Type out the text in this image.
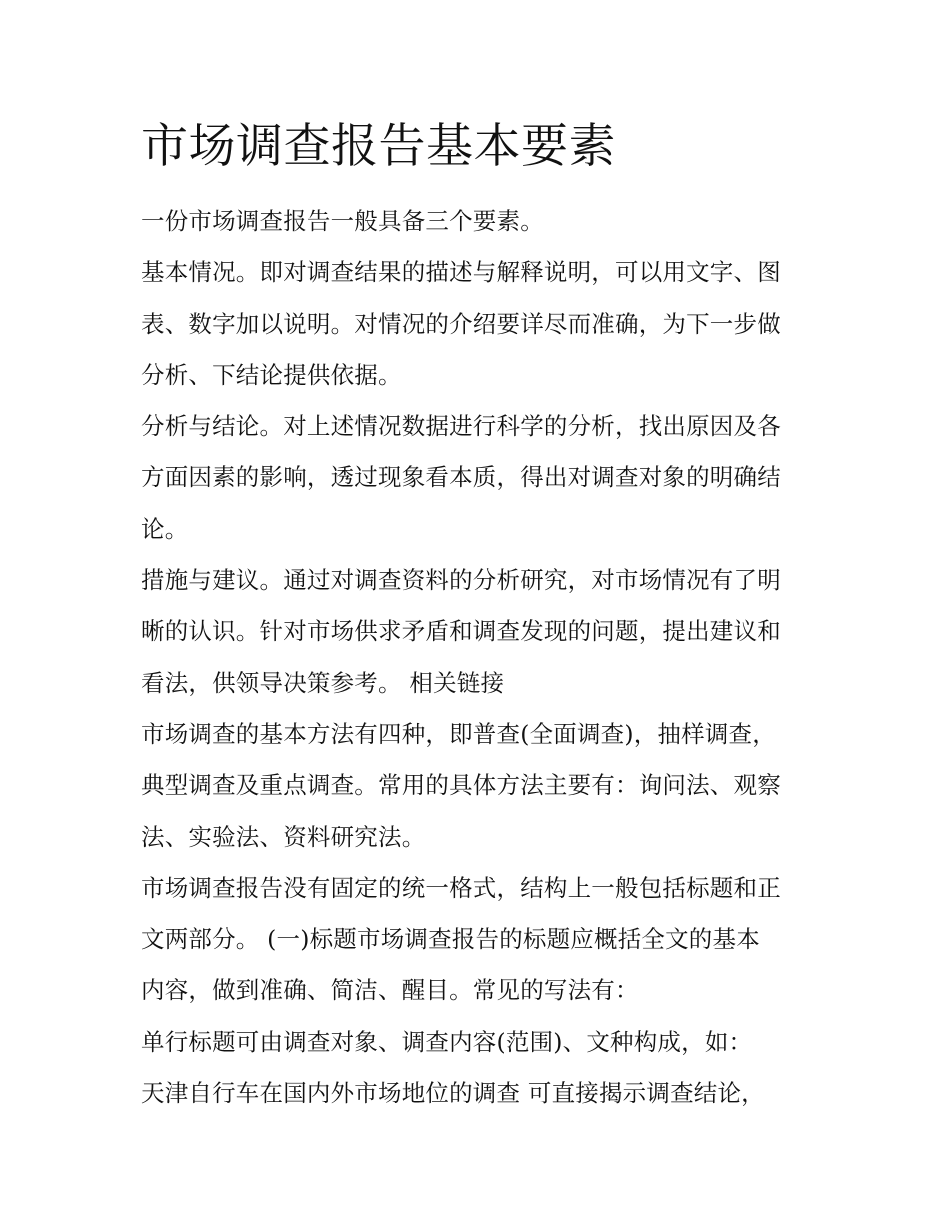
市场调查报告基本要素
一份市场调查报告一般具备三个要素。
基本情况。即对调查结果的描述与解释说明，可以用文字、图
表、数字加以说明。对情况的介绍要详尽而准确，为下一步做
分析、下结论提供依据。
分析与结论。对上述情况数据进行科学的分析，找出原因及各
方面因素的影响，透过现象看本质，得出对调查对象的明确结
论。
措施与建议。通过对调查资料的分析研究，对市场情况有了明
晰的认识。针对市场供求矛盾和调查发现的问题，提出建议和
看法，供领导决策参考。 相关链接
市场调查的基本方法有四种，即普查(全面调查)，抽样调查，
典型调查及重点调查。常用的具体方法主要有：询问法、观察
法、实验法、资料研究法。
市场调查报告没有固定的统一格式，结构上一般包括标题和正
文两部分。 (一)标题市场调查报告的标题应概括全文的基本
内容，做到准确、简洁、醒目。常见的写法有：
单行标题可由调查对象、调查内容(范围)、文种构成，如：
天津自行车在国内外市场地位的调查 可直接揭示调查结论，
